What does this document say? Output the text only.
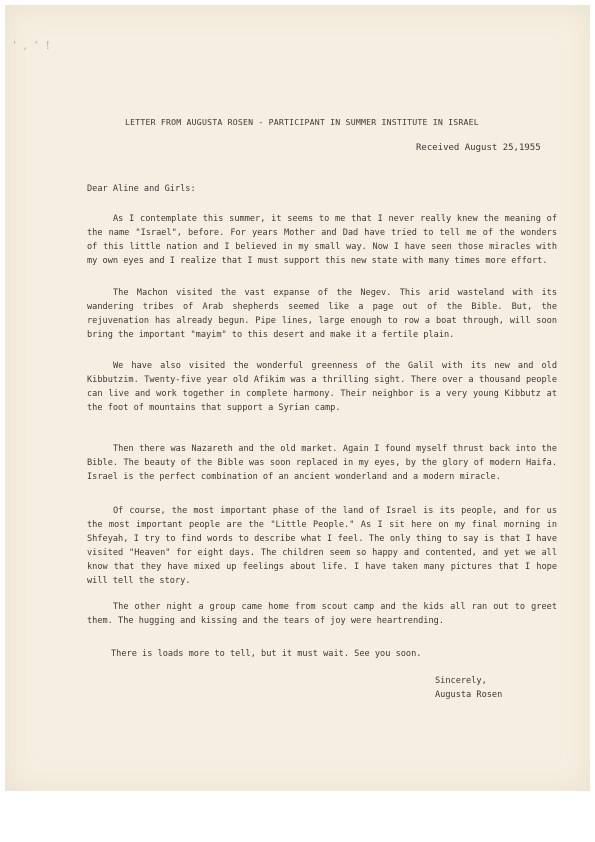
' , ’ !
LETTER FROM AUGUSTA ROSEN - PARTICIPANT IN SUMMER INSTITUTE IN ISRAEL
Received August 25,1955
Dear Aline and Girls:
As I contemplate this summer, it seems to me that I never really knew the meaning of the name "Israel", before. For years Mother and Dad have tried to tell me of the wonders of this little nation and I believed in my small way. Now I have seen those miracles with my own eyes and I realize that I must support this new state with many times more effort.
The Machon visited the vast expanse of the Negev. This arid wasteland with its wandering tribes of Arab shepherds seemed like a page out of the Bible. But, the rejuvenation has already begun. Pipe lines, large enough to row a boat through, will soon bring the important "mayim" to this desert and make it a fertile plain.
We have also visited the wonderful greenness of the Galil with its new and old Kibbutzim. Twenty-five year old Afikim was a thrilling sight. There over a thousand people can live and work together in complete harmony. Their neighbor is a very young Kibbutz at the foot of mountains that support a Syrian camp.
Then there was Nazareth and the old market. Again I found myself thrust back into the Bible. The beauty of the Bible was soon replaced in my eyes, by the glory of modern Haifa. Israel is the perfect combination of an ancient wonderland and a modern miracle.
Of course, the most important phase of the land of Israel is its people, and for us the most important people are the "Little People." As I sit here on my final morning in Shfeyah, I try to find words to describe what I feel. The only thing to say is that I have visited "Heaven" for eight days. The children seem so happy and contented, and yet we all know that they have mixed up feelings about life. I have taken many pictures that I hope will tell the story.
The other night a group came home from scout camp and the kids all ran out to greet them. The hugging and kissing and the tears of joy were heartrending.
There is loads more to tell, but it must wait. See you soon.
Sincerely,
Augusta Rosen
